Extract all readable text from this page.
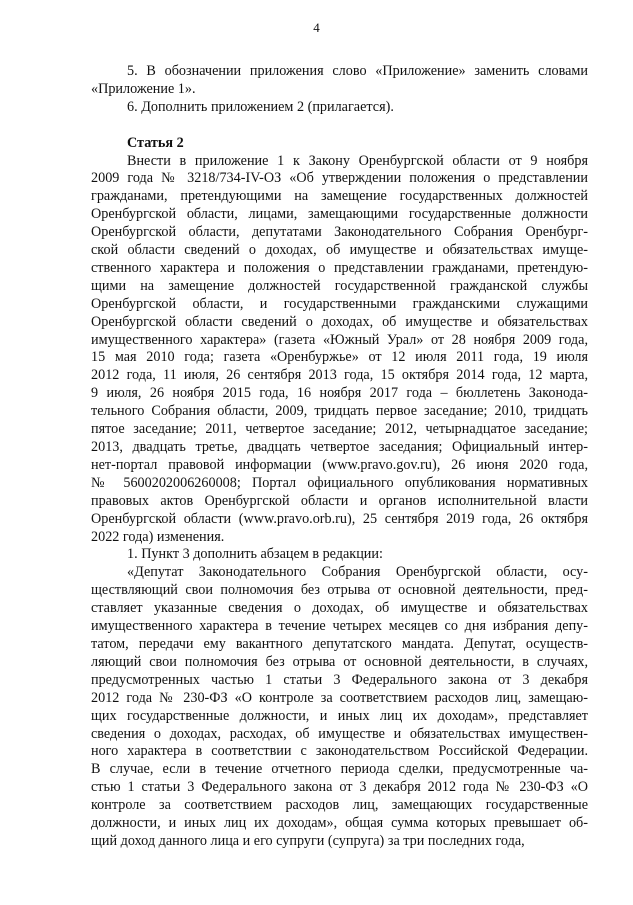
4

5. В обозначении приложения слово «Приложение» заменить словами

«Приложение 1».

6. Дополнить приложением 2 (прилагается).

Статья 2

Внести в приложение 1 к Закону Оренбургской области от 9 ноября

2009 года № 3218/734-IV-ОЗ «Об утверждении положения о представлении

гражданами, претендующими на замещение государственных должностей

Оренбургской области, лицами, замещающими государственные должности

Оренбургской области, депутатами Законодательного Собрания Оренбург-

ской области сведений о доходах, об имуществе и обязательствах имуще-

ственного характера и положения о представлении гражданами, претендую-

щими на замещение должностей государственной гражданской службы

Оренбургской области, и государственными гражданскими служащими

Оренбургской области сведений о доходах, об имуществе и обязательствах

имущественного характера» (газета «Южный Урал» от 28 ноября 2009 года,

15 мая 2010 года; газета «Оренбуржье» от 12 июля 2011 года, 19 июля

2012 года, 11 июля, 26 сентября 2013 года, 15 октября 2014 года, 12 марта,

9 июля, 26 ноября 2015 года, 16 ноября 2017 года – бюллетень Законода-

тельного Собрания области, 2009, тридцать первое заседание; 2010, тридцать

пятое заседание; 2011, четвертое заседание; 2012, четырнадцатое заседание;

2013, двадцать третье, двадцать четвертое заседания; Официальный интер-

нет-портал правовой информации (www.pravo.gov.ru), 26 июня 2020 года,

№ 5600202006260008; Портал официального опубликования нормативных

правовых актов Оренбургской области и органов исполнительной власти

Оренбургской области (www.pravo.orb.ru), 25 сентября 2019 года, 26 октября

2022 года) изменения.

1. Пункт 3 дополнить абзацем в редакции:

«Депутат Законодательного Собрания Оренбургской области, осу-

ществляющий свои полномочия без отрыва от основной деятельности, пред-

ставляет указанные сведения о доходах, об имуществе и обязательствах

имущественного характера в течение четырех месяцев со дня избрания депу-

татом, передачи ему вакантного депутатского мандата. Депутат, осуществ-

ляющий свои полномочия без отрыва от основной деятельности, в случаях,

предусмотренных частью 1 статьи 3 Федерального закона от 3 декабря

2012 года № 230-ФЗ «О контроле за соответствием расходов лиц, замещаю-

щих государственные должности, и иных лиц их доходам», представляет

сведения о доходах, расходах, об имуществе и обязательствах имуществен-

ного характера в соответствии с законодательством Российской Федерации.

В случае, если в течение отчетного периода сделки, предусмотренные ча-

стью 1 статьи 3 Федерального закона от 3 декабря 2012 года № 230-ФЗ «О

контроле за соответствием расходов лиц, замещающих государственные

должности, и иных лиц их доходам», общая сумма которых превышает об-

щий доход данного лица и его супруги (супруга) за три последних года,
